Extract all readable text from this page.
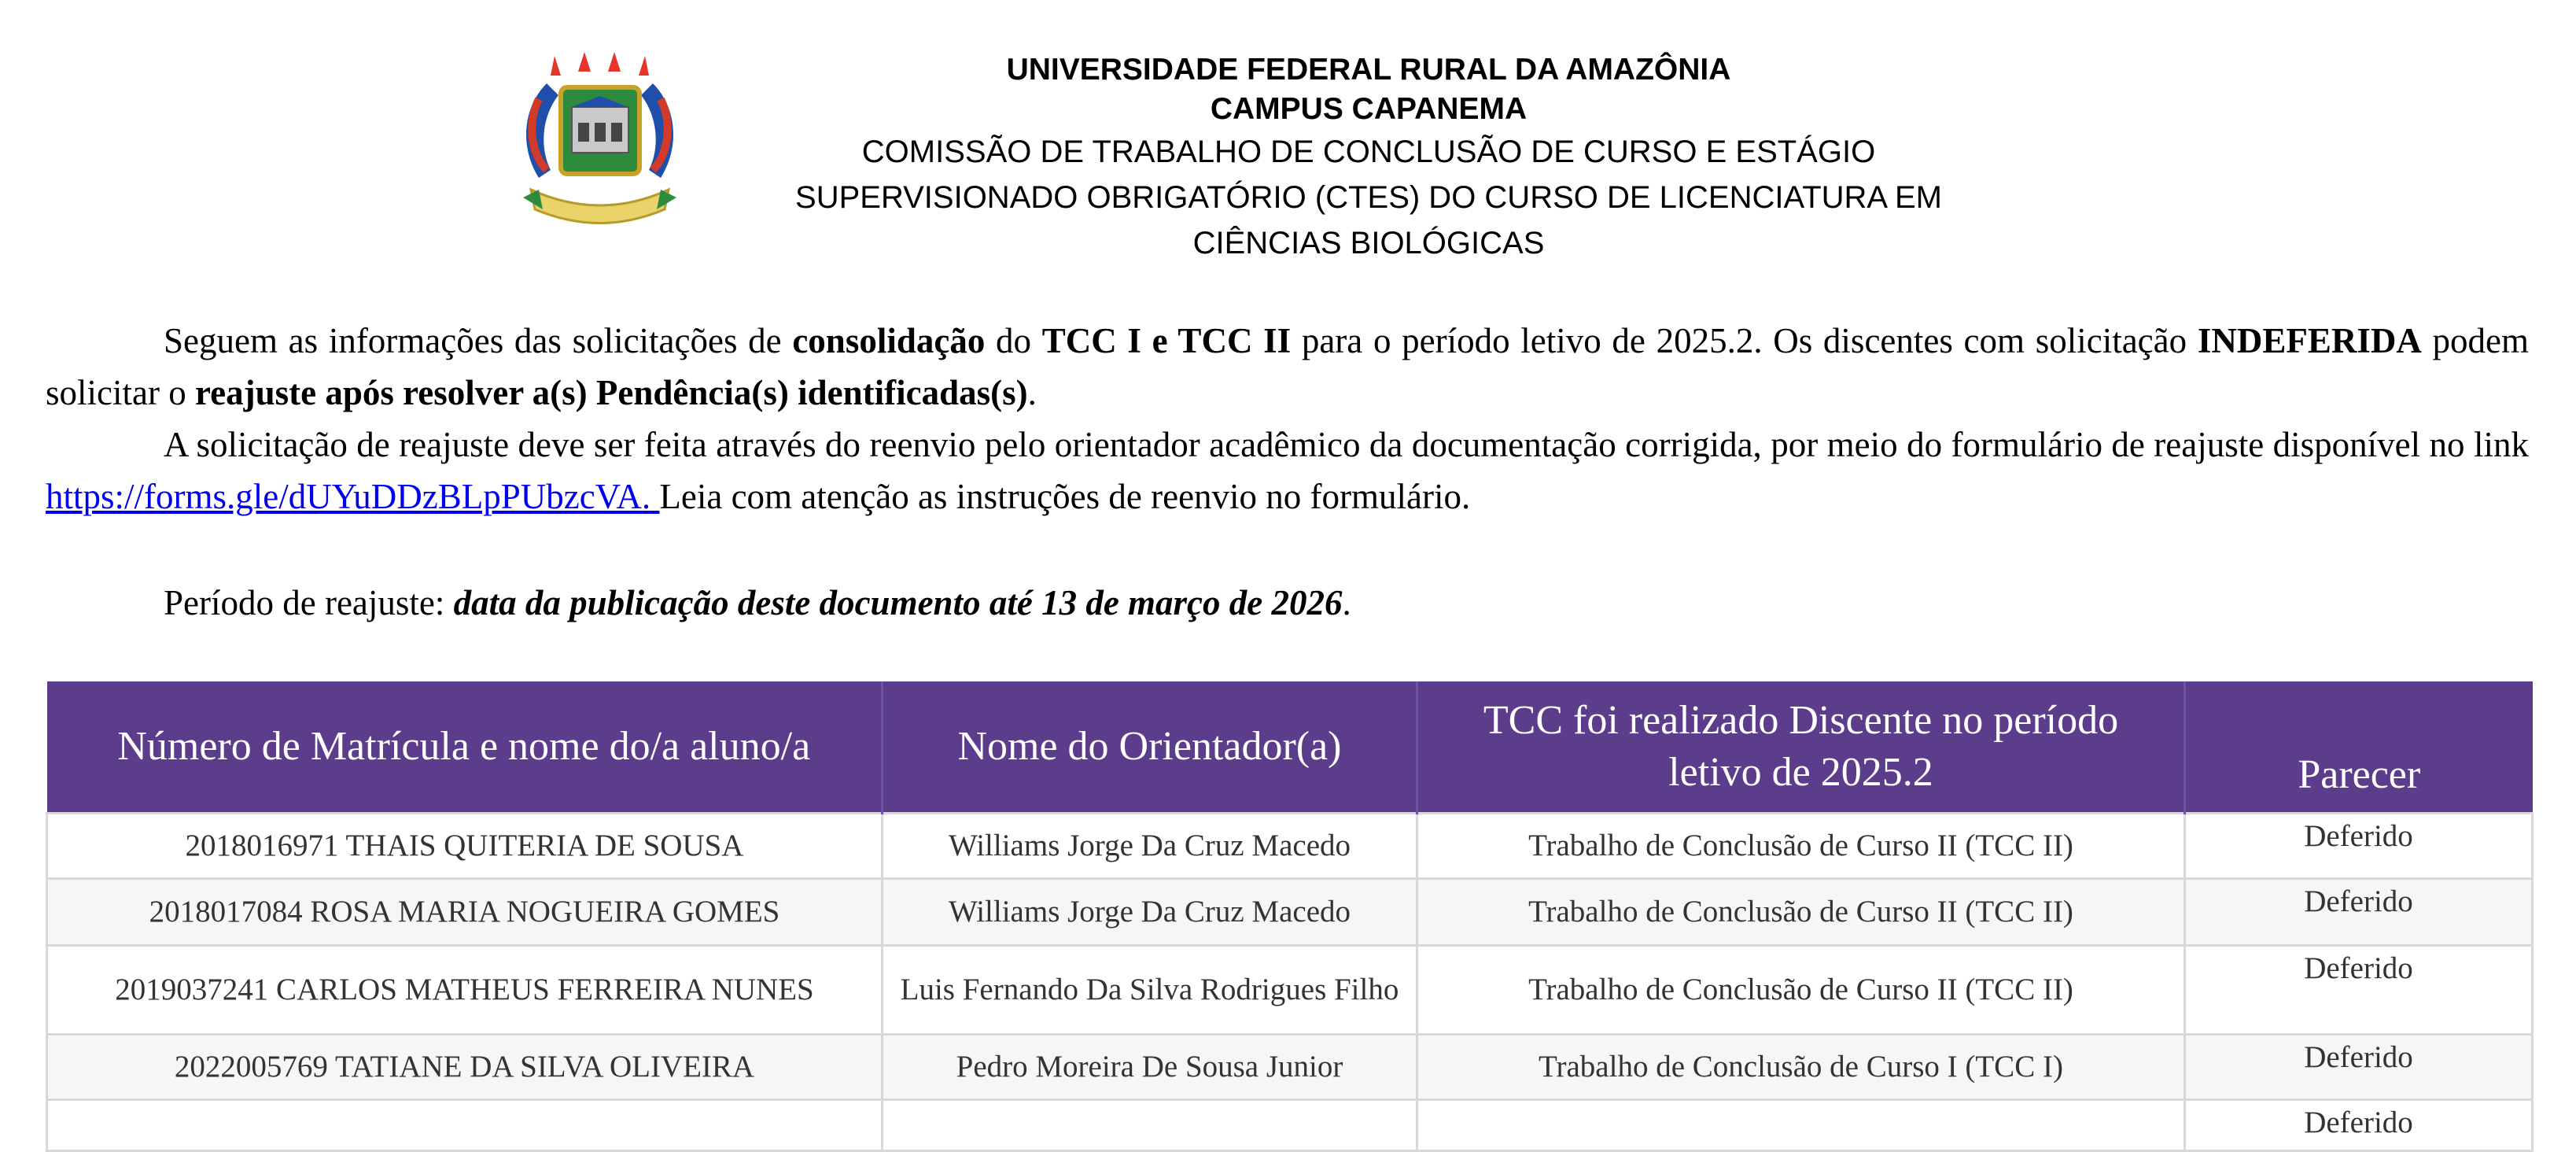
UNIVERSIDADE FEDERAL RURAL DA AMAZÔNIA
CAMPUS CAPANEMA
COMISSÃO DE TRABALHO DE CONCLUSÃO DE CURSO E ESTÁGIO
SUPERVISIONADO OBRIGATÓRIO (CTES) DO CURSO DE LICENCIATURA EM
CIÊNCIAS BIOLÓGICAS
Seguem as informações das solicitações de consolidação do TCC I e TCC II para o período letivo de 2025.2. Os discentes com solicitação INDEFERIDA podem solicitar o reajuste após resolver a(s) Pendência(s) identificadas(s).
A solicitação de reajuste deve ser feita através do reenvio pelo orientador acadêmico da documentação corrigida, por meio do formulário de reajuste disponível no link https://forms.gle/dUYuDDzBLpPUbzcVA. Leia com atenção as instruções de reenvio no formulário.
Período de reajuste: data da publicação deste documento até 13 de março de 2026.
Número de Matrícula e nome do/a aluno/a	Nome do Orientador(a)	TCC foi realizado Discente no período letivo de 2025.2	Parecer
2018016971 THAIS QUITERIA DE SOUSA	Williams Jorge Da Cruz Macedo	Trabalho de Conclusão de Curso II (TCC II)	Deferido
2018017084 ROSA MARIA NOGUEIRA GOMES	Williams Jorge Da Cruz Macedo	Trabalho de Conclusão de Curso II (TCC II)	Deferido
2019037241 CARLOS MATHEUS FERREIRA NUNES	Luis Fernando Da Silva Rodrigues Filho	Trabalho de Conclusão de Curso II (TCC II)	Deferido
2022005769 TATIANE DA SILVA OLIVEIRA	Pedro Moreira De Sousa Junior	Trabalho de Conclusão de Curso I (TCC I)	Deferido
			Deferido
